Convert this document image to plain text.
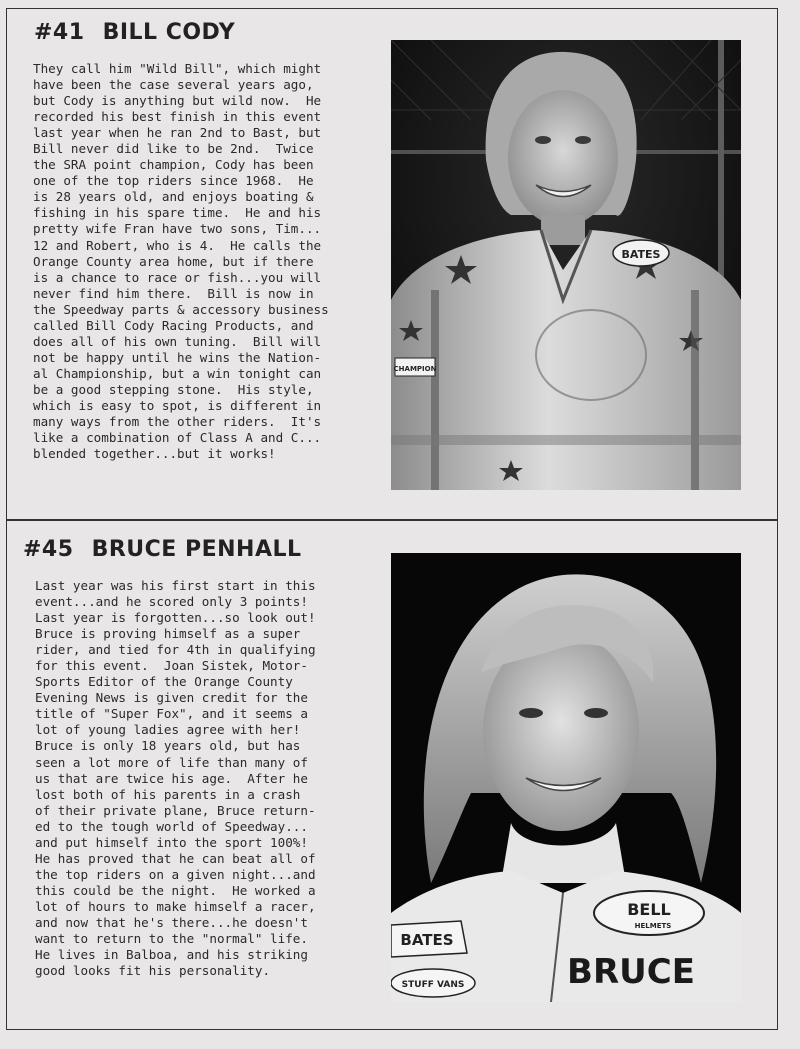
#41 BILL CODY
They call him "Wild Bill", which might
have been the case several years ago,
but Cody is anything but wild now.  He
recorded his best finish in this event
last year when he ran 2nd to Bast, but
Bill never did like to be 2nd.  Twice
the SRA point champion, Cody has been
one of the top riders since 1968.  He
is 28 years old, and enjoys boating &
fishing in his spare time.  He and his
pretty wife Fran have two sons, Tim...
12 and Robert, who is 4.  He calls the
Orange County area home, but if there
is a chance to race or fish...you will
never find him there.  Bill is now in
the Speedway parts & accessory business
called Bill Cody Racing Products, and
does all of his own tuning.  Bill will
not be happy until he wins the Nation-
al Championship, but a win tonight can
be a good stepping stone.  His style,
which is easy to spot, is different in
many ways from the other riders.  It's
like a combination of Class A and C...
blended together...but it works!
BATES
CHAMPION
#45 BRUCE PENHALL
Last year was his first start in this
event...and he scored only 3 points!
Last year is forgotten...so look out!
Bruce is proving himself as a super
rider, and tied for 4th in qualifying
for this event.  Joan Sistek, Motor-
Sports Editor of the Orange County
Evening News is given credit for the
title of "Super Fox", and it seems a
lot of young ladies agree with her!
Bruce is only 18 years old, but has
seen a lot more of life than many of
us that are twice his age.  After he
lost both of his parents in a crash
of their private plane, Bruce return-
ed to the tough world of Speedway...
and put himself into the sport 100%!
He has proved that he can beat all of
the top riders on a given night...and
this could be the night.  He worked a
lot of hours to make himself a racer,
and now that he's there...he doesn't
want to return to the "normal" life.
He lives in Balboa, and his striking
good looks fit his personality.
BELL
HELMETS
BATES
STUFF VANS	BRUCE
